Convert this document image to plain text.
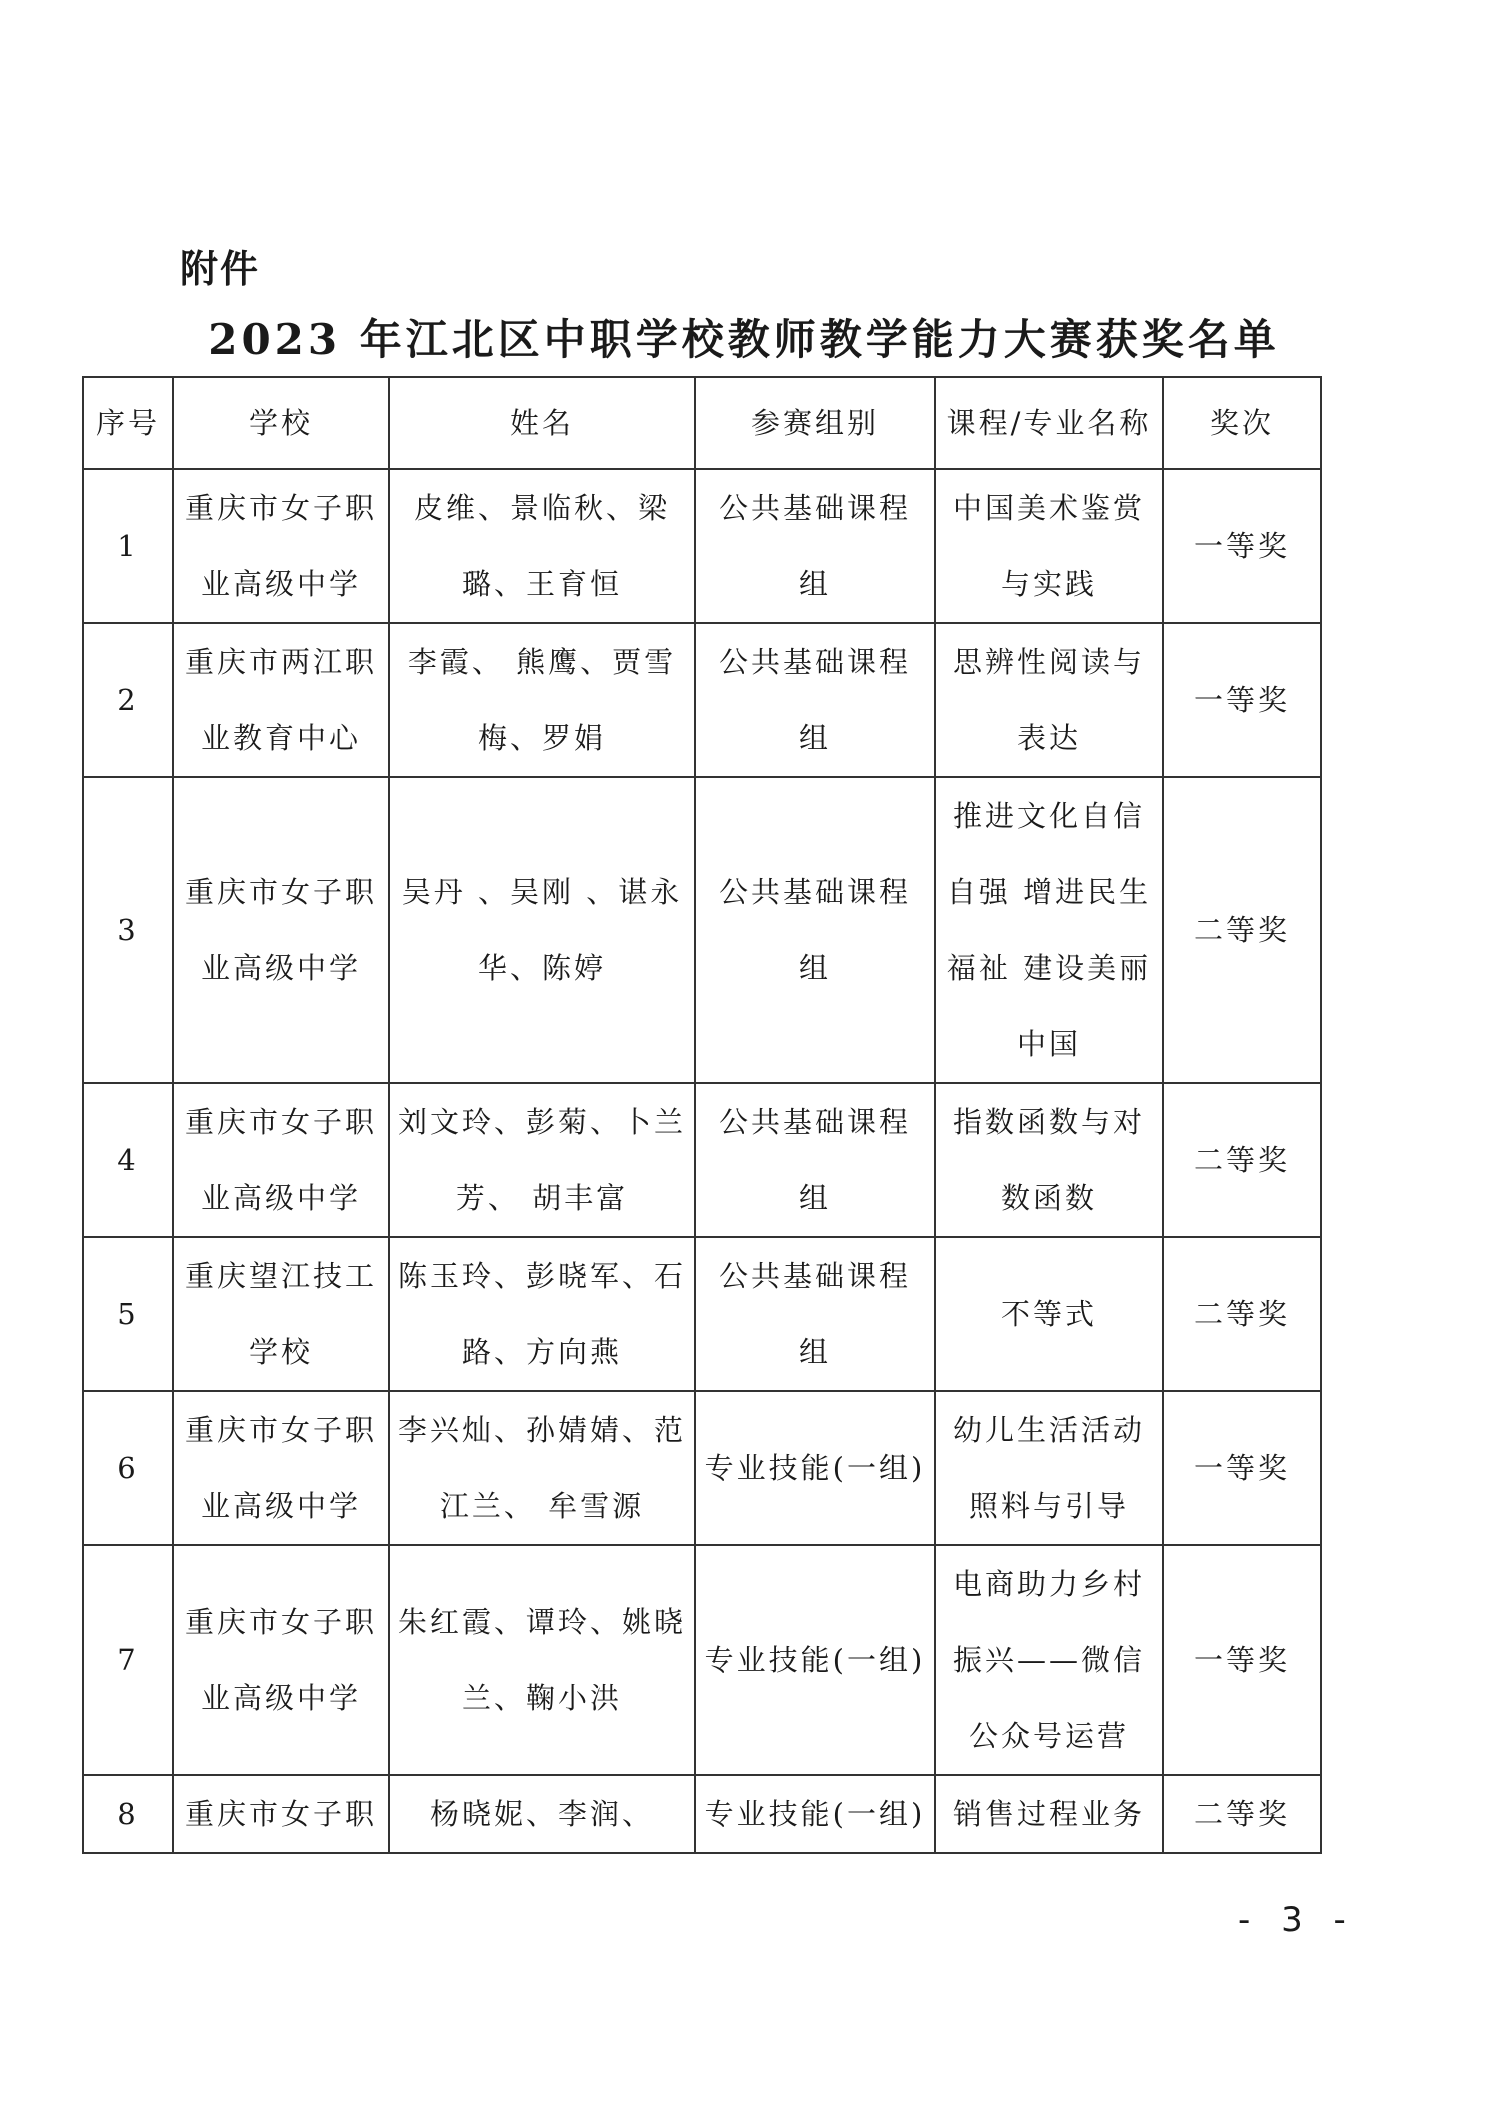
附件
2023 年江北区中职学校教师教学能力大赛获奖名单
序号	学校	姓名	参赛组别	课程/专业名称	奖次
1	重庆市女子职业高级中学	皮维、景临秋、梁璐、王育恒	公共基础课程组	中国美术鉴赏与实践	一等奖
2	重庆市两江职业教育中心	李霞、 熊鹰、贾雪梅、罗娟	公共基础课程组	思辨性阅读与表达	一等奖
3	重庆市女子职业高级中学	吴丹 、吴刚 、谌永华、陈婷	公共基础课程组	推进文化自信自强 增进民生福祉 建设美丽中国	二等奖
4	重庆市女子职业高级中学	刘文玲、彭菊、卜兰芳、 胡丰富	公共基础课程组	指数函数与对数函数	二等奖
5	重庆望江技工学校	陈玉玲、彭晓军、石路、方向燕	公共基础课程组	不等式	二等奖
6	重庆市女子职业高级中学	李兴灿、孙婧婧、范江兰、 牟雪源	专业技能(一组)	幼儿生活活动照料与引导	一等奖
7	重庆市女子职业高级中学	朱红霞、谭玲、姚晓兰、鞠小洪	专业技能(一组)	电商助力乡村振兴——微信公众号运营	一等奖
8	重庆市女子职	杨晓妮、李润、	专业技能(一组)	销售过程业务	二等奖
- 3 -
